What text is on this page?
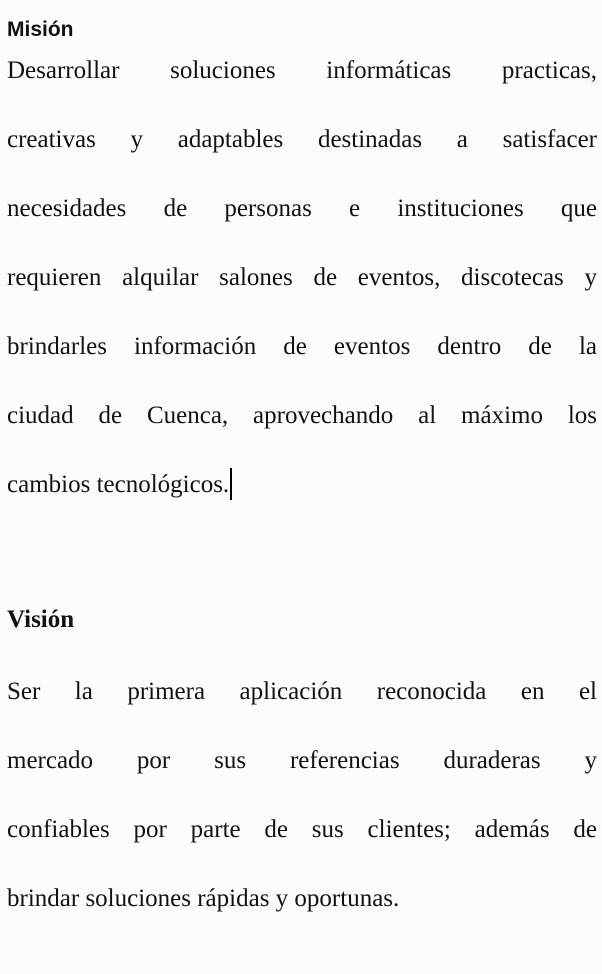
Misión

Desarrollar soluciones informáticas practicas,

creativas y adaptables destinadas a satisfacer

necesidades de personas e instituciones que

requieren alquilar salones de eventos, discotecas y

brindarles información de eventos dentro de la

ciudad de Cuenca, aprovechando al máximo los

cambios tecnológicos.

Visión

Ser la primera aplicación reconocida en el

mercado por sus referencias duraderas y

confiables por parte de sus clientes; además de

brindar soluciones rápidas y oportunas.
